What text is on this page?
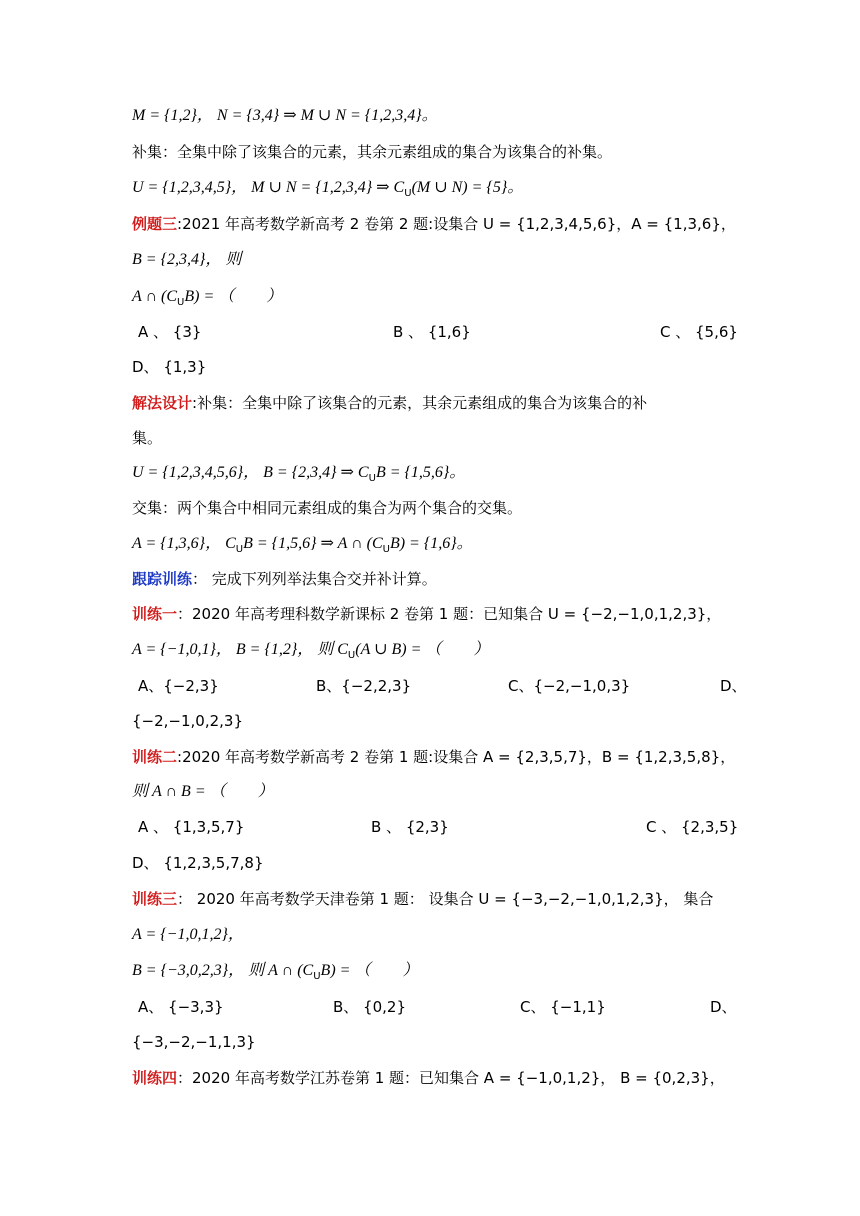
M = {1,2}， N = {3,4} ⇒ M ∪ N = {1,2,3,4}。
补集：全集中除了该集合的元素，其余元素组成的集合为该集合的补集。
U = {1,2,3,4,5}， M ∪ N = {1,2,3,4} ⇒ $C_U(M$ ∪ N) = {5}。
例题三:2021 年高考数学新高考 2 卷第 2 题:设集合 U = {1,2,3,4,5,6}，A = {1,3,6}，
B = {2,3,4}， 则
A ∩ $(C_UB)$ = （　　）
A 、 {3}	B 、 {1,6}	C 、 {5,6}
D、 {1,3}
解法设计:补集：全集中除了该集合的元素，其余元素组成的集合为该集合的补
集。
U = {1,2,3,4,5,6}， B = {2,3,4} ⇒ $C_UB = \{1,5,6\}$。
交集：两个集合中相同元素组成的集合为两个集合的交集。
A = {1,3,6}， $C_UB = \{1,5,6\}$ ⇒ A ∩ $(C_UB) = \{1,6\}$。
跟踪训练： 完成下列列举法集合交并补计算。
训练一：2020 年高考理科数学新课标 2 卷第 1 题：已知集合 U = {−2,−1,0,1,2,3}，
A = {−1,0,1}， B = {1,2}， 则 $C_U(A$ ∪ B) = （　　）
A、{−2,3}	B、{−2,2,3}	C、{−2,−1,0,3}	D、
{−2,−1,0,2,3}
训练二:2020 年高考数学新高考 2 卷第 1 题:设集合 A = {2,3,5,7}，B = {1,2,3,5,8}，
则 A ∩ B = （　　）
A 、 {1,3,5,7}	B 、 {2,3}	C 、 {2,3,5}
D、 {1,2,3,5,7,8}
训练三： 2020 年高考数学天津卷第 1 题： 设集合 U = {−3,−2,−1,0,1,2,3}， 集合
A = {−1,0,1,2}，
B = {−3,0,2,3}， 则 A ∩ $(C_UB)$ = （　　）
A、 {−3,3}	B、 {0,2}	C、 {−1,1}	D、
{−3,−2,−1,1,3}
训练四：2020 年高考数学江苏卷第 1 题：已知集合 A = {−1,0,1,2}， B = {0,2,3}，
